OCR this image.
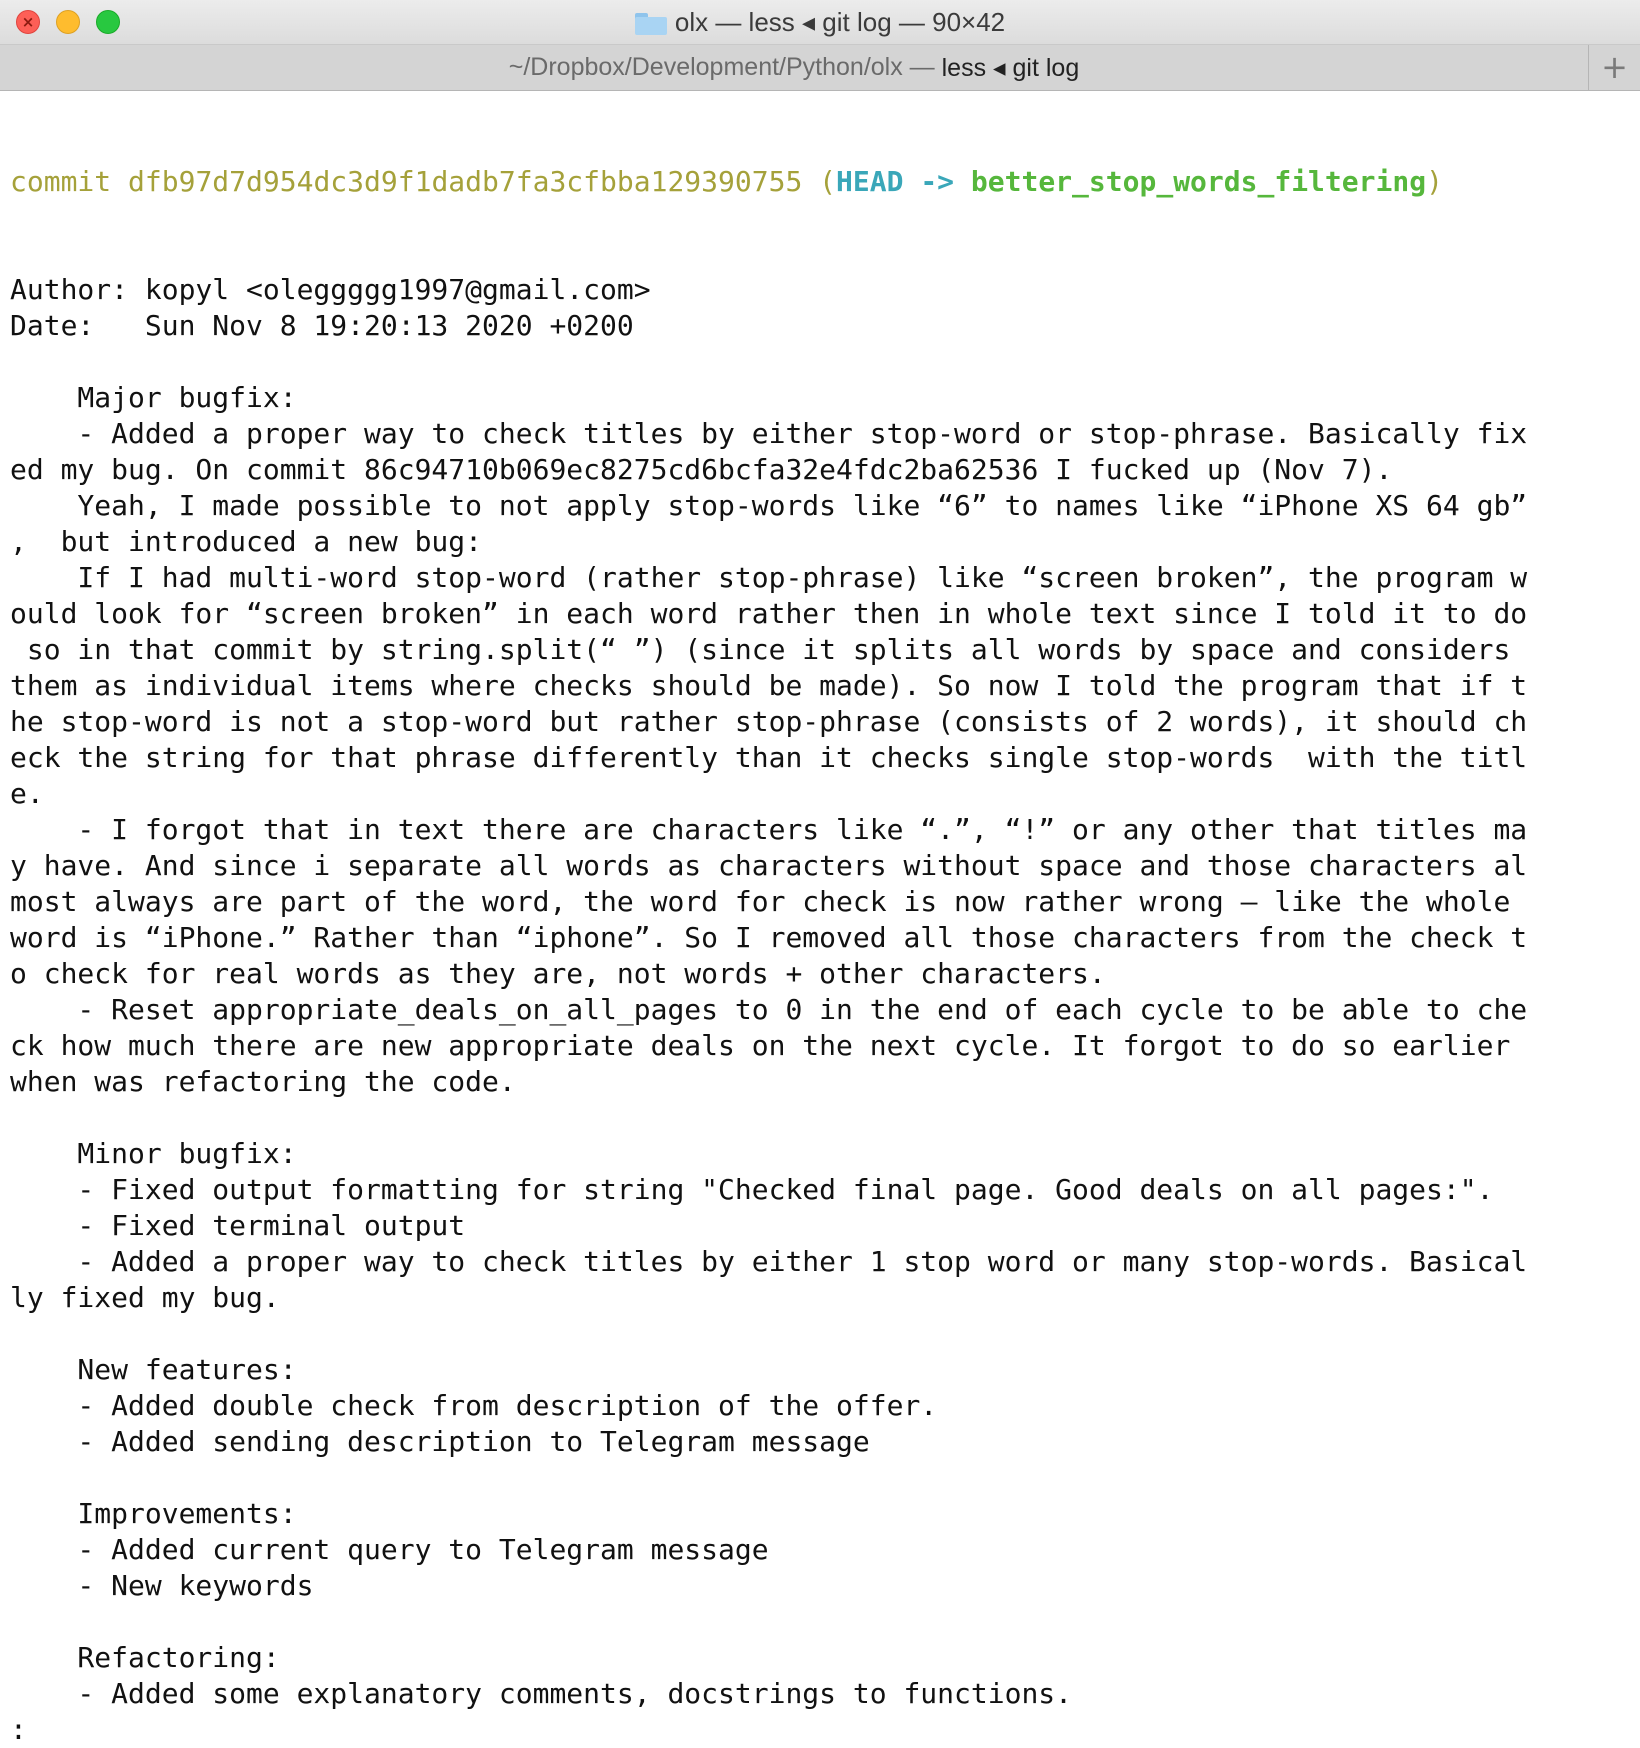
×	olx — less ◂ git log — 90×42
~/Dropbox/Development/Python/olx —
less ◂ git log	+

commit dfb97d7d954dc3d9f1dadb7fa3cfbba129390755 (HEAD -> better_stop_words_filtering)

Author: kopyl <oleggggg1997@gmail.com>
Date:   Sun Nov 8 19:20:13 2020 +0200
Major bugfix:
- Added a proper way to check titles by either stop-word or stop-phrase. Basically fix
ed my bug. On commit 86c94710b069ec8275cd6bcfa32e4fdc2ba62536 I fucked up (Nov 7).
Yeah, I made possible to not apply stop-words like “6” to names like “iPhone XS 64 gb”
,  but introduced a new bug:
If I had multi-word stop-word (rather stop-phrase) like “screen broken”, the program w
ould look for “screen broken” in each word rather then in whole text since I told it to do
so in that commit by string.split(“ ”) (since it splits all words by space and considers
them as individual items where checks should be made). So now I told the program that if t
he stop-word is not a stop-word but rather stop-phrase (consists of 2 words), it should ch
eck the string for that phrase differently than it checks single stop-words  with the titl
e.
- I forgot that in text there are characters like “.”, “!” or any other that titles ma
y have. And since i separate all words as characters without space and those characters al
most always are part of the word, the word for check is now rather wrong — like the whole
word is “iPhone.” Rather than “iphone”. So I removed all those characters from the check t
o check for real words as they are, not words + other characters.
- Reset appropriate_deals_on_all_pages to 0 in the end of each cycle to be able to che
ck how much there are new appropriate deals on the next cycle. It forgot to do so earlier
when was refactoring the code.
Minor bugfix:
- Fixed output formatting for string "Checked final page. Good deals on all pages:".
- Fixed terminal output
- Added a proper way to check titles by either 1 stop word or many stop-words. Basical
ly fixed my bug.
New features:
- Added double check from description of the offer.
- Added sending description to Telegram message
Improvements:
- Added current query to Telegram message
- New keywords
Refactoring:
- Added some explanatory comments, docstrings to functions.
:
